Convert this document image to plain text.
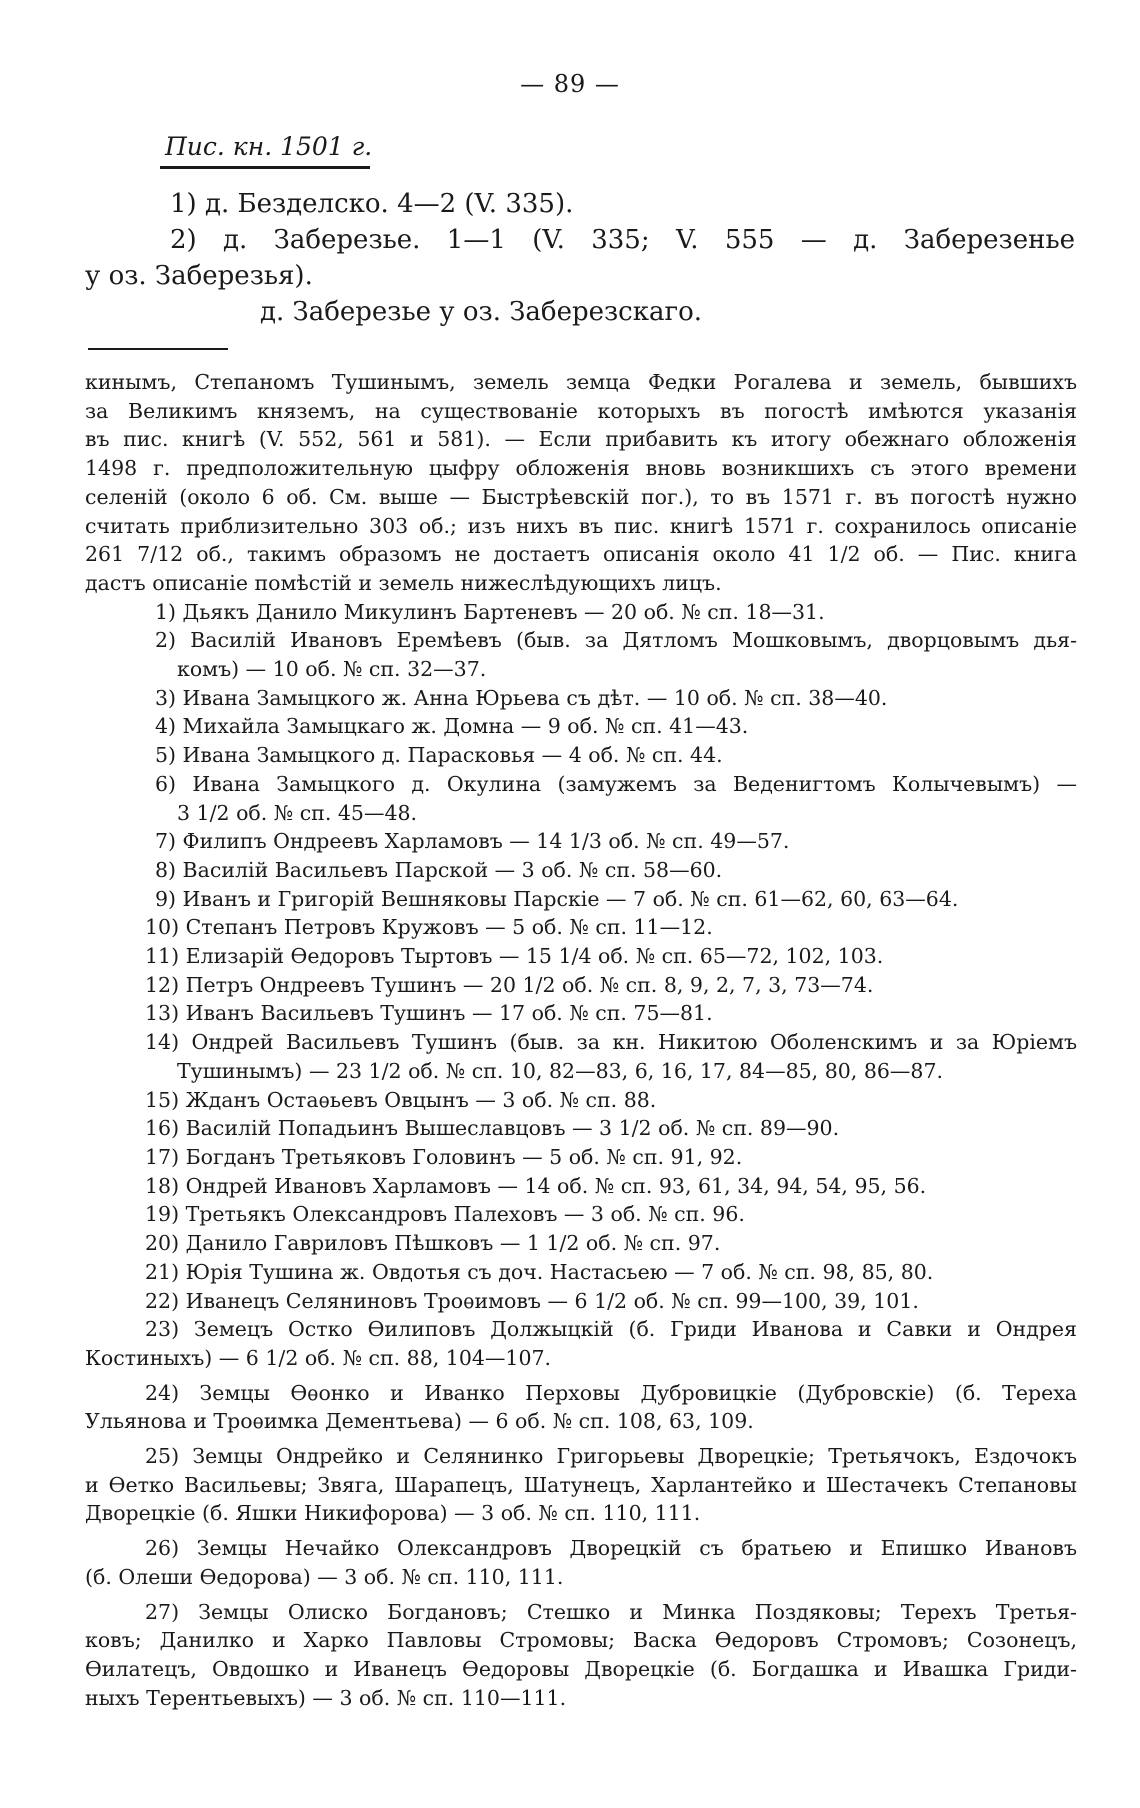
— 89 —
Пис. кн. 1501 г.
1) д. Безделско. 4—2 (V. 335).
2) д. Заберезье. 1—1 (V. 335; V. 555 — д. Заберезенье
у оз. Заберезья).
д. Заберезье у оз. Заберезскаго.
кинымъ, Степаномъ Тушинымъ, земель земца Федки Рогалева и земель, бывшихъ
за Великимъ княземъ, на существованіе которыхъ въ погостѣ имѣются указанія
въ пис. книгѣ (V. 552, 561 и 581). — Если прибавить къ итогу обежнаго обложенія
1498 г. предположительную цыфру обложенія вновь возникшихъ съ этого времени
селеній (около 6 об. См. выше — Быстрѣевскій пог.), то въ 1571 г. въ погостѣ нужно
считать приблизительно 303 об.; изъ нихъ въ пис. книгѣ 1571 г. сохранилось описаніе
261 7/12 об., такимъ образомъ не достаетъ описанія около 41 1/2 об. — Пис. книга
дастъ описаніе помѣстій и земель нижеслѣдующихъ лицъ.
1) Дьякъ Данило Микулинъ Бартеневъ — 20 об. № сп. 18—31.
2) Василій Ивановъ Еремѣевъ (быв. за Дятломъ Мошковымъ, дворцовымъ дья-
комъ) — 10 об. № сп. 32—37.
3) Ивана Замыцкого ж. Анна Юрьева съ дѣт. — 10 об. № сп. 38—40.
4) Михайла Замыцкаго ж. Домна — 9 об. № сп. 41—43.
5) Ивана Замыцкого д. Парасковья — 4 об. № сп. 44.
6) Ивана Замыцкого д. Окулина (замужемъ за Веденигтомъ Колычевымъ) —
3 1/2 об. № сп. 45—48.
7) Филипъ Ондреевъ Харламовъ — 14 1/3 об. № сп. 49—57.
8) Василій Васильевъ Парской — 3 об. № сп. 58—60.
9) Иванъ и Григорій Вешняковы Парскіе — 7 об. № сп. 61—62, 60, 63—64.
10) Степанъ Петровъ Кружовъ — 5 об. № сп. 11—12.
11) Елизарій Ѳедоровъ Тыртовъ — 15 1/4 об. № сп. 65—72, 102, 103.
12) Петръ Ондреевъ Тушинъ — 20 1/2 об. № сп. 8, 9, 2, 7, 3, 73—74.
13) Иванъ Васильевъ Тушинъ — 17 об. № сп. 75—81.
14) Ондрей Васильевъ Тушинъ (быв. за кн. Никитою Оболенскимъ и за Юріемъ
Тушинымъ) — 23 1/2 об. № сп. 10, 82—83, 6, 16, 17, 84—85, 80, 86—87.
15) Жданъ Остаѳьевъ Овцынъ — 3 об. № сп. 88.
16) Василій Попадьинъ Вышеславцовъ — 3 1/2 об. № сп. 89—90.
17) Богданъ Третьяковъ Головинъ — 5 об. № сп. 91, 92.
18) Ондрей Ивановъ Харламовъ — 14 об. № сп. 93, 61, 34, 94, 54, 95, 56.
19) Третьякъ Олександровъ Палеховъ — 3 об. № сп. 96.
20) Данило Гавриловъ Пѣшковъ — 1 1/2 об. № сп. 97.
21) Юрія Тушина ж. Овдотья съ доч. Настасьею — 7 об. № сп. 98, 85, 80.
22) Иванецъ Селяниновъ Троѳимовъ — 6 1/2 об. № сп. 99—100, 39, 101.
23) Земецъ Остко Ѳилиповъ Должыцкій (б. Гриди Иванова и Савки и Ондрея
Костиныхъ) — 6 1/2 об. № сп. 88, 104—107.
24) Земцы Ѳѳонко и Иванко Перховы Дубровицкіе (Дубровскіе) (б. Тереха
Ульянова и Троѳимка Дементьева) — 6 об. № сп. 108, 63, 109.
25) Земцы Ондрейко и Селянинко Григорьевы Дворецкіе; Третьячокъ, Ездочокъ
и Ѳетко Васильевы; Звяга, Шарапецъ, Шатунецъ, Харлантейко и Шестачекъ Степановы
Дворецкіе (б. Яшки Никифорова) — 3 об. № сп. 110, 111.
26) Земцы Нечайко Олександровъ Дворецкій съ братьею и Епишко Ивановъ
(б. Олеши Ѳедорова) — 3 об. № сп. 110, 111.
27) Земцы Олиско Богдановъ; Стешко и Минка Поздяковы; Терехъ Третья-
ковъ; Данилко и Харко Павловы Стромовы; Васка Ѳедоровъ Стромовъ; Созонецъ,
Ѳилатецъ, Овдошко и Иванецъ Ѳедоровы Дворецкіе (б. Богдашка и Ивашка Гриди-
ныхъ Терентьевыхъ) — 3 об. № сп. 110—111.
